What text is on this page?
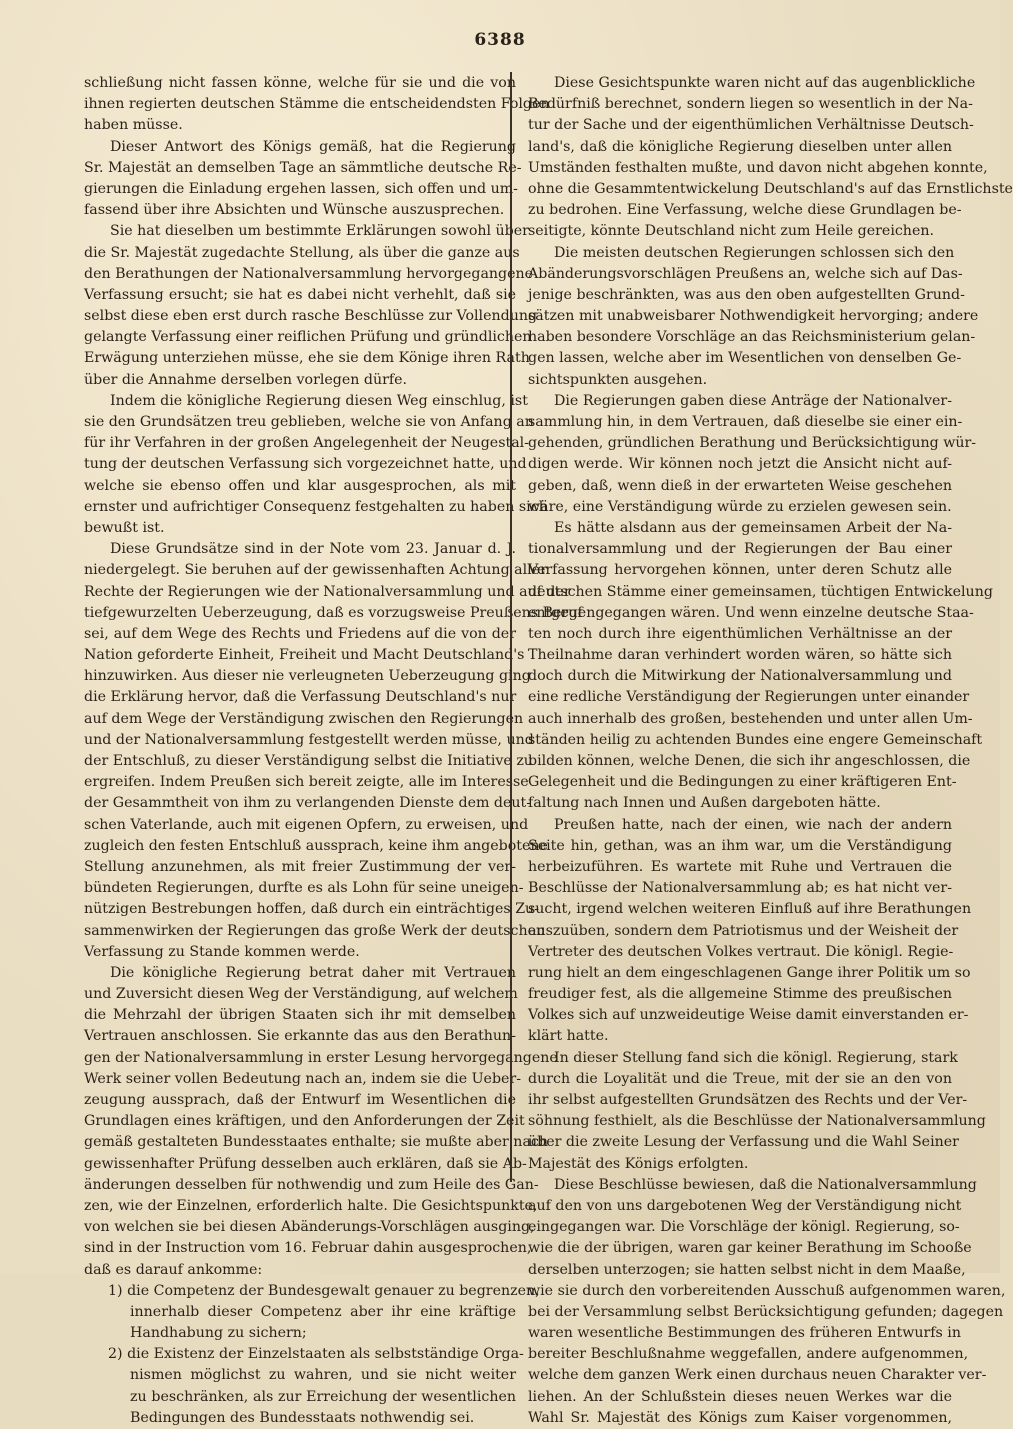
6388
schließung nicht fassen könne, welche für sie und die von
ihnen regierten deutschen Stämme die entscheidendsten Folgen
haben müsse.
Dieser Antwort des Königs gemäß, hat die Regierung
Sr. Majestät an demselben Tage an sämmtliche deutsche Re-
gierungen die Einladung ergehen lassen, sich offen und um-
fassend über ihre Absichten und Wünsche auszusprechen.
Sie hat dieselben um bestimmte Erklärungen sowohl über
die Sr. Majestät zugedachte Stellung, als über die ganze aus
den Berathungen der Nationalversammlung hervorgegangene
Verfassung ersucht; sie hat es dabei nicht verhehlt, daß sie
selbst diese eben erst durch rasche Beschlüsse zur Vollendung
gelangte Verfassung einer reiflichen Prüfung und gründlichen
Erwägung unterziehen müsse, ehe sie dem Könige ihren Rath
über die Annahme derselben vorlegen dürfe.
Indem die königliche Regierung diesen Weg einschlug, ist
sie den Grundsätzen treu geblieben, welche sie von Anfang an
für ihr Verfahren in der großen Angelegenheit der Neugestal-
tung der deutschen Verfassung sich vorgezeichnet hatte, und
welche sie ebenso offen und klar ausgesprochen, als mit
ernster und aufrichtiger Consequenz festgehalten zu haben sich
bewußt ist.
Diese Grundsätze sind in der Note vom 23. Januar d. J.
niedergelegt. Sie beruhen auf der gewissenhaften Achtung aller
Rechte der Regierungen wie der Nationalversammlung und auf der
tiefgewurzelten Ueberzeugung, daß es vorzugsweise Preußens Beruf
sei, auf dem Wege des Rechts und Friedens auf die von der
Nation geforderte Einheit, Freiheit und Macht Deutschland's
hinzuwirken. Aus dieser nie verleugneten Ueberzeugung ging
die Erklärung hervor, daß die Verfassung Deutschland's nur
auf dem Wege der Verständigung zwischen den Regierungen
und der Nationalversammlung festgestellt werden müsse, und
der Entschluß, zu dieser Verständigung selbst die Initiative zu
ergreifen. Indem Preußen sich bereit zeigte, alle im Interesse
der Gesammtheit von ihm zu verlangenden Dienste dem deut-
schen Vaterlande, auch mit eigenen Opfern, zu erweisen, und
zugleich den festen Entschluß aussprach, keine ihm angebotene
Stellung anzunehmen, als mit freier Zustimmung der ver-
bündeten Regierungen, durfte es als Lohn für seine uneigen-
nützigen Bestrebungen hoffen, daß durch ein einträchtiges Zu-
sammenwirken der Regierungen das große Werk der deutschen
Verfassung zu Stande kommen werde.
Die königliche Regierung betrat daher mit Vertrauen
und Zuversicht diesen Weg der Verständigung, auf welchem
die Mehrzahl der übrigen Staaten sich ihr mit demselben
Vertrauen anschlossen. Sie erkannte das aus den Berathun-
gen der Nationalversammlung in erster Lesung hervorgegangene
Werk seiner vollen Bedeutung nach an, indem sie die Ueber-
zeugung aussprach, daß der Entwurf im Wesentlichen die
Grundlagen eines kräftigen, und den Anforderungen der Zeit
gemäß gestalteten Bundesstaates enthalte; sie mußte aber nach
gewissenhafter Prüfung desselben auch erklären, daß sie Ab-
änderungen desselben für nothwendig und zum Heile des Gan-
zen, wie der Einzelnen, erforderlich halte. Die Gesichtspunkte,
von welchen sie bei diesen Abänderungs-Vorschlägen ausging,
sind in der Instruction vom 16. Februar dahin ausgesprochen,
daß es darauf ankomme:
1) die Competenz der Bundesgewalt genauer zu begrenzen,
innerhalb dieser Competenz aber ihr eine kräftige
Handhabung zu sichern;
2) die Existenz der Einzelstaaten als selbstständige Orga-
nismen möglichst zu wahren, und sie nicht weiter
zu beschränken, als zur Erreichung der wesentlichen
Bedingungen des Bundesstaats nothwendig sei.
Diese Gesichtspunkte waren nicht auf das augenblickliche
Bedürfniß berechnet, sondern liegen so wesentlich in der Na-
tur der Sache und der eigenthümlichen Verhältnisse Deutsch-
land's, daß die königliche Regierung dieselben unter allen
Umständen festhalten mußte, und davon nicht abgehen konnte,
ohne die Gesammtentwickelung Deutschland's auf das Ernstlichste
zu bedrohen. Eine Verfassung, welche diese Grundlagen be-
seitigte, könnte Deutschland nicht zum Heile gereichen.
Die meisten deutschen Regierungen schlossen sich den
Abänderungsvorschlägen Preußens an, welche sich auf Das-
jenige beschränkten, was aus den oben aufgestellten Grund-
sätzen mit unabweisbarer Nothwendigkeit hervorging; andere
haben besondere Vorschläge an das Reichsministerium gelan-
gen lassen, welche aber im Wesentlichen von denselben Ge-
sichtspunkten ausgehen.
Die Regierungen gaben diese Anträge der Nationalver-
sammlung hin, in dem Vertrauen, daß dieselbe sie einer ein-
gehenden, gründlichen Berathung und Berücksichtigung wür-
digen werde. Wir können noch jetzt die Ansicht nicht auf-
geben, daß, wenn dieß in der erwarteten Weise geschehen
wäre, eine Verständigung würde zu erzielen gewesen sein.
Es hätte alsdann aus der gemeinsamen Arbeit der Na-
tionalversammlung und der Regierungen der Bau einer
Verfassung hervorgehen können, unter deren Schutz alle
deutschen Stämme einer gemeinsamen, tüchtigen Entwickelung
entgegengegangen wären. Und wenn einzelne deutsche Staa-
ten noch durch ihre eigenthümlichen Verhältnisse an der
Theilnahme daran verhindert worden wären, so hätte sich
doch durch die Mitwirkung der Nationalversammlung und
eine redliche Verständigung der Regierungen unter einander
auch innerhalb des großen, bestehenden und unter allen Um-
ständen heilig zu achtenden Bundes eine engere Gemeinschaft
bilden können, welche Denen, die sich ihr angeschlossen, die
Gelegenheit und die Bedingungen zu einer kräftigeren Ent-
faltung nach Innen und Außen dargeboten hätte.
Preußen hatte, nach der einen, wie nach der andern
Seite hin, gethan, was an ihm war, um die Verständigung
herbeizuführen. Es wartete mit Ruhe und Vertrauen die
Beschlüsse der Nationalversammlung ab; es hat nicht ver-
sucht, irgend welchen weiteren Einfluß auf ihre Berathungen
auszuüben, sondern dem Patriotismus und der Weisheit der
Vertreter des deutschen Volkes vertraut. Die königl. Regie-
rung hielt an dem eingeschlagenen Gange ihrer Politik um so
freudiger fest, als die allgemeine Stimme des preußischen
Volkes sich auf unzweideutige Weise damit einverstanden er-
klärt hatte.
In dieser Stellung fand sich die königl. Regierung, stark
durch die Loyalität und die Treue, mit der sie an den von
ihr selbst aufgestellten Grundsätzen des Rechts und der Ver-
söhnung festhielt, als die Beschlüsse der Nationalversammlung
über die zweite Lesung der Verfassung und die Wahl Seiner
Majestät des Königs erfolgten.
Diese Beschlüsse bewiesen, daß die Nationalversammlung
auf den von uns dargebotenen Weg der Verständigung nicht
eingegangen war. Die Vorschläge der königl. Regierung, so-
wie die der übrigen, waren gar keiner Berathung im Schooße
derselben unterzogen; sie hatten selbst nicht in dem Maaße,
wie sie durch den vorbereitenden Ausschuß aufgenommen waren,
bei der Versammlung selbst Berücksichtigung gefunden; dagegen
waren wesentliche Bestimmungen des früheren Entwurfs in
bereiter Beschlußnahme weggefallen, andere aufgenommen,
welche dem ganzen Werk einen durchaus neuen Charakter ver-
liehen. An der Schlußstein dieses neuen Werkes war die
Wahl Sr. Majestät des Königs zum Kaiser vorgenommen,
